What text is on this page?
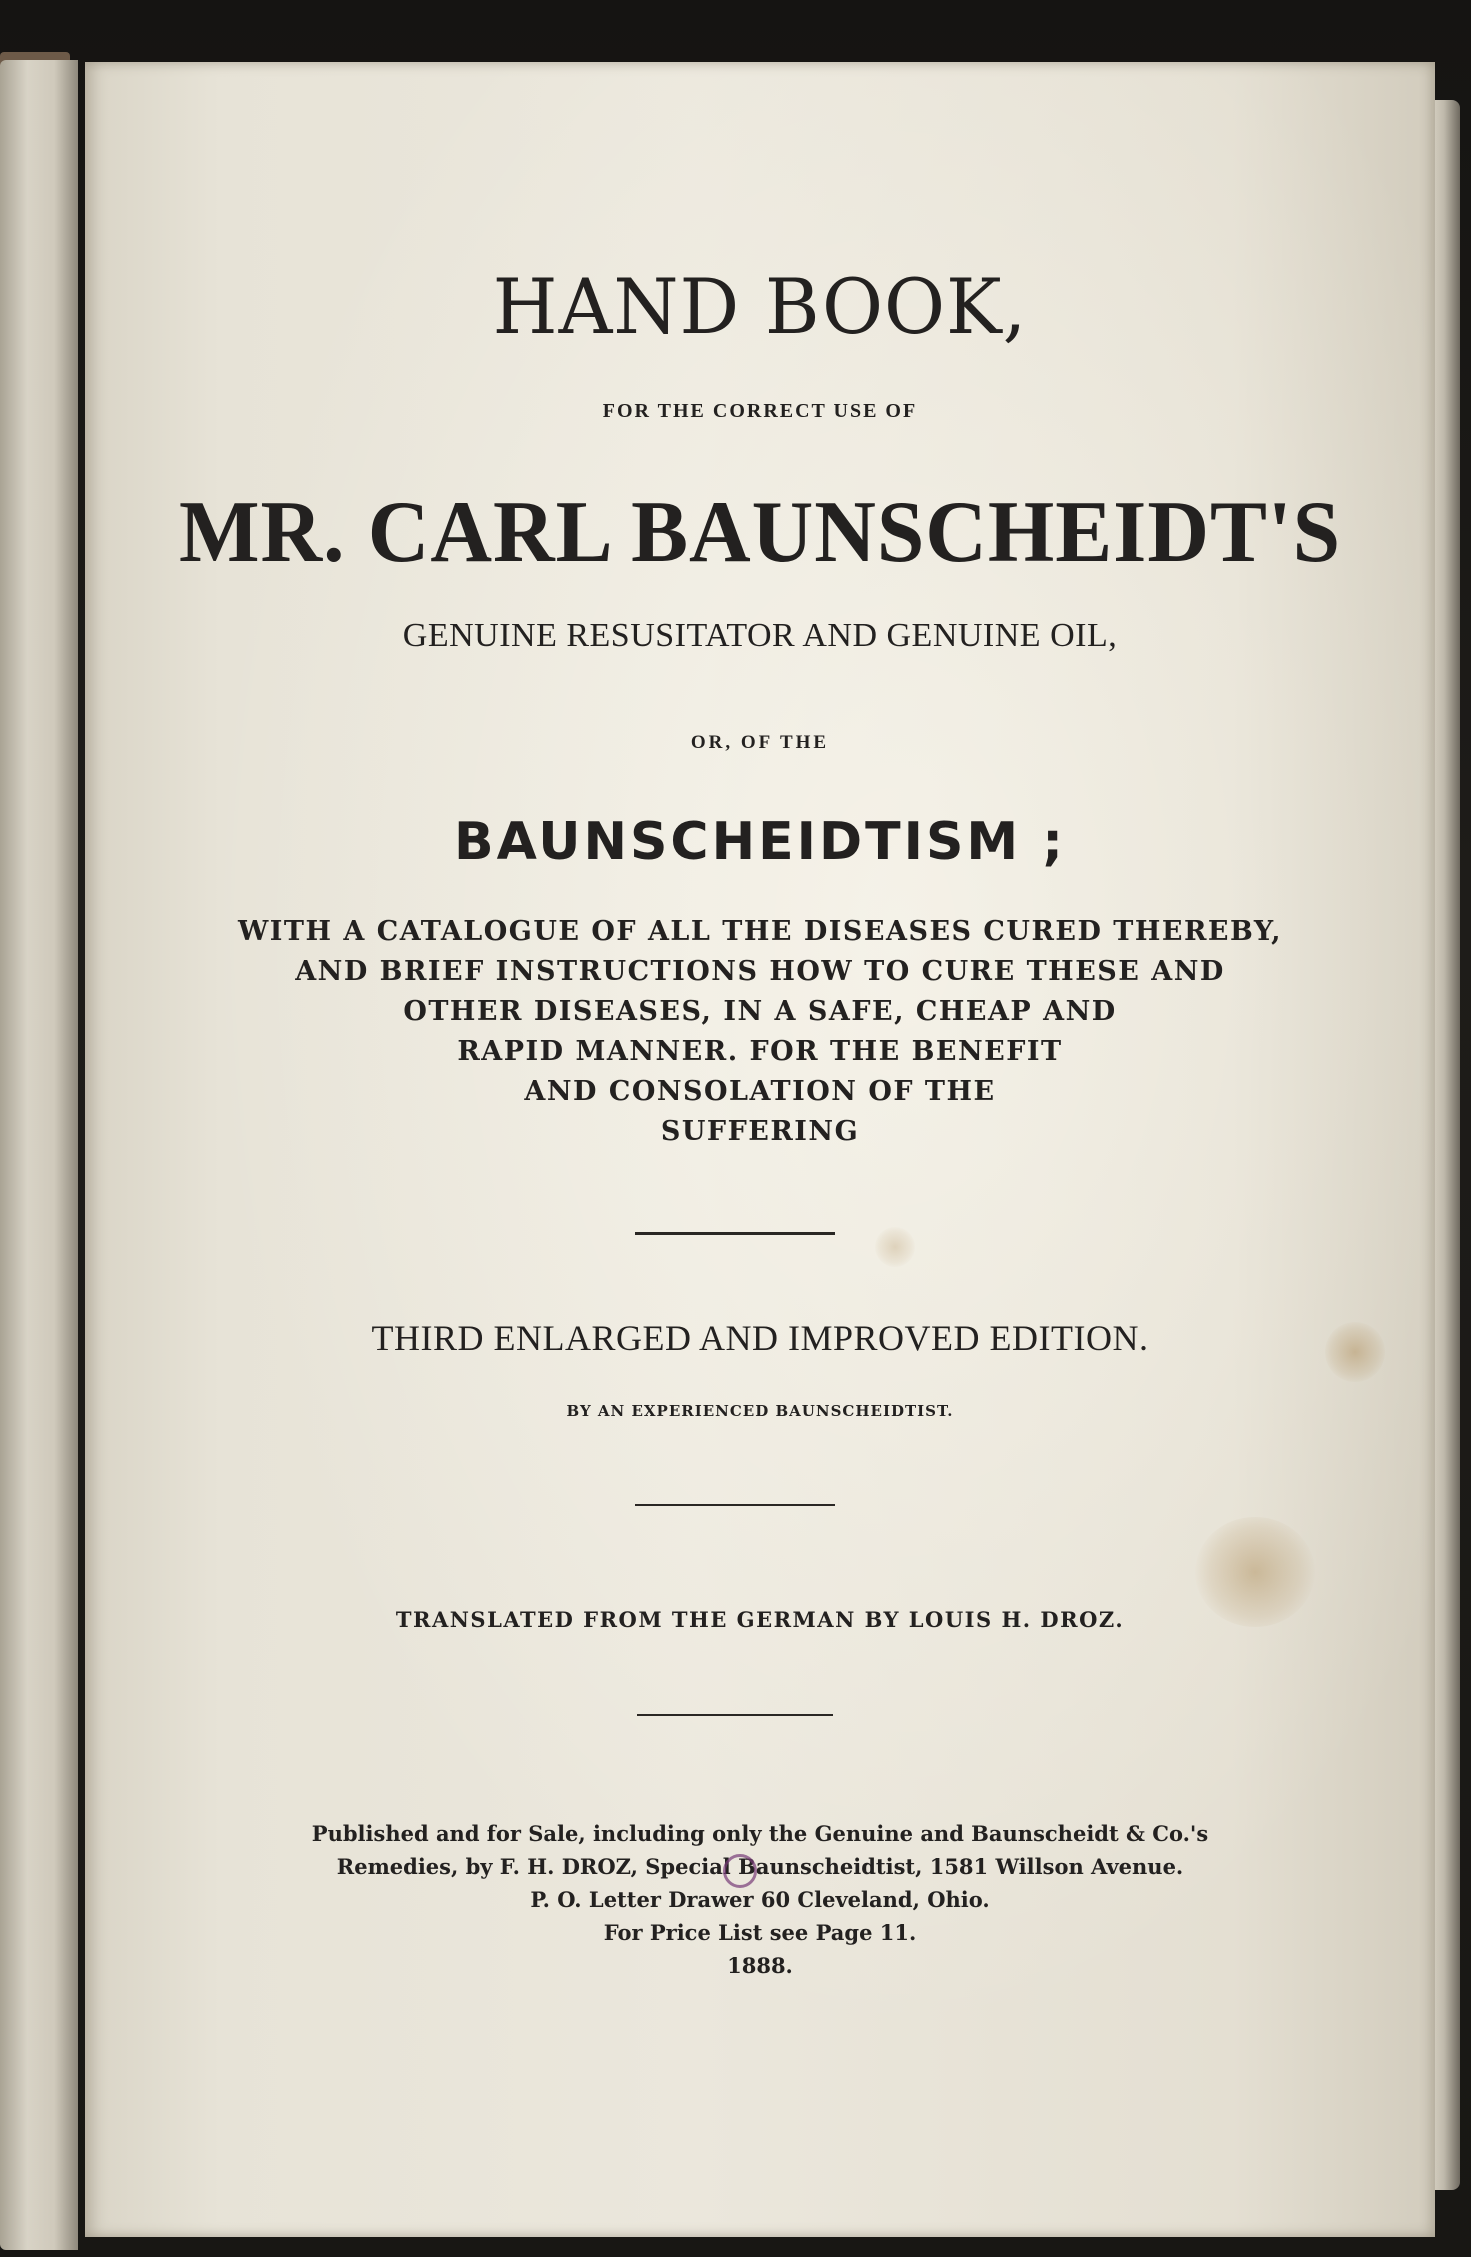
HAND BOOK,

FOR THE CORRECT USE OF

MR. CARL BAUNSCHEIDT'S

GENUINE RESUSITATOR AND GENUINE OIL,

OR, OF THE

BAUNSCHEIDTISM ;
WITH A CATALOGUE OF ALL THE DISEASES CURED THEREBY,
AND BRIEF INSTRUCTIONS HOW TO CURE THESE AND
OTHER DISEASES, IN A SAFE, CHEAP AND
RAPID MANNER. FOR THE BENEFIT
AND CONSOLATION OF THE
SUFFERING

THIRD ENLARGED AND IMPROVED EDITION.

BY AN EXPERIENCED BAUNSCHEIDTIST.

TRANSLATED FROM THE GERMAN BY LOUIS H. DROZ.

Published and for Sale, including only the Genuine and Baunscheidt & Co.'s
Remedies, by F. H. DROZ, Special Baunscheidtist, 1581 Willson Avenue.
P. O. Letter Drawer 60 Cleveland, Ohio.
For Price List see Page 11.
1888.
